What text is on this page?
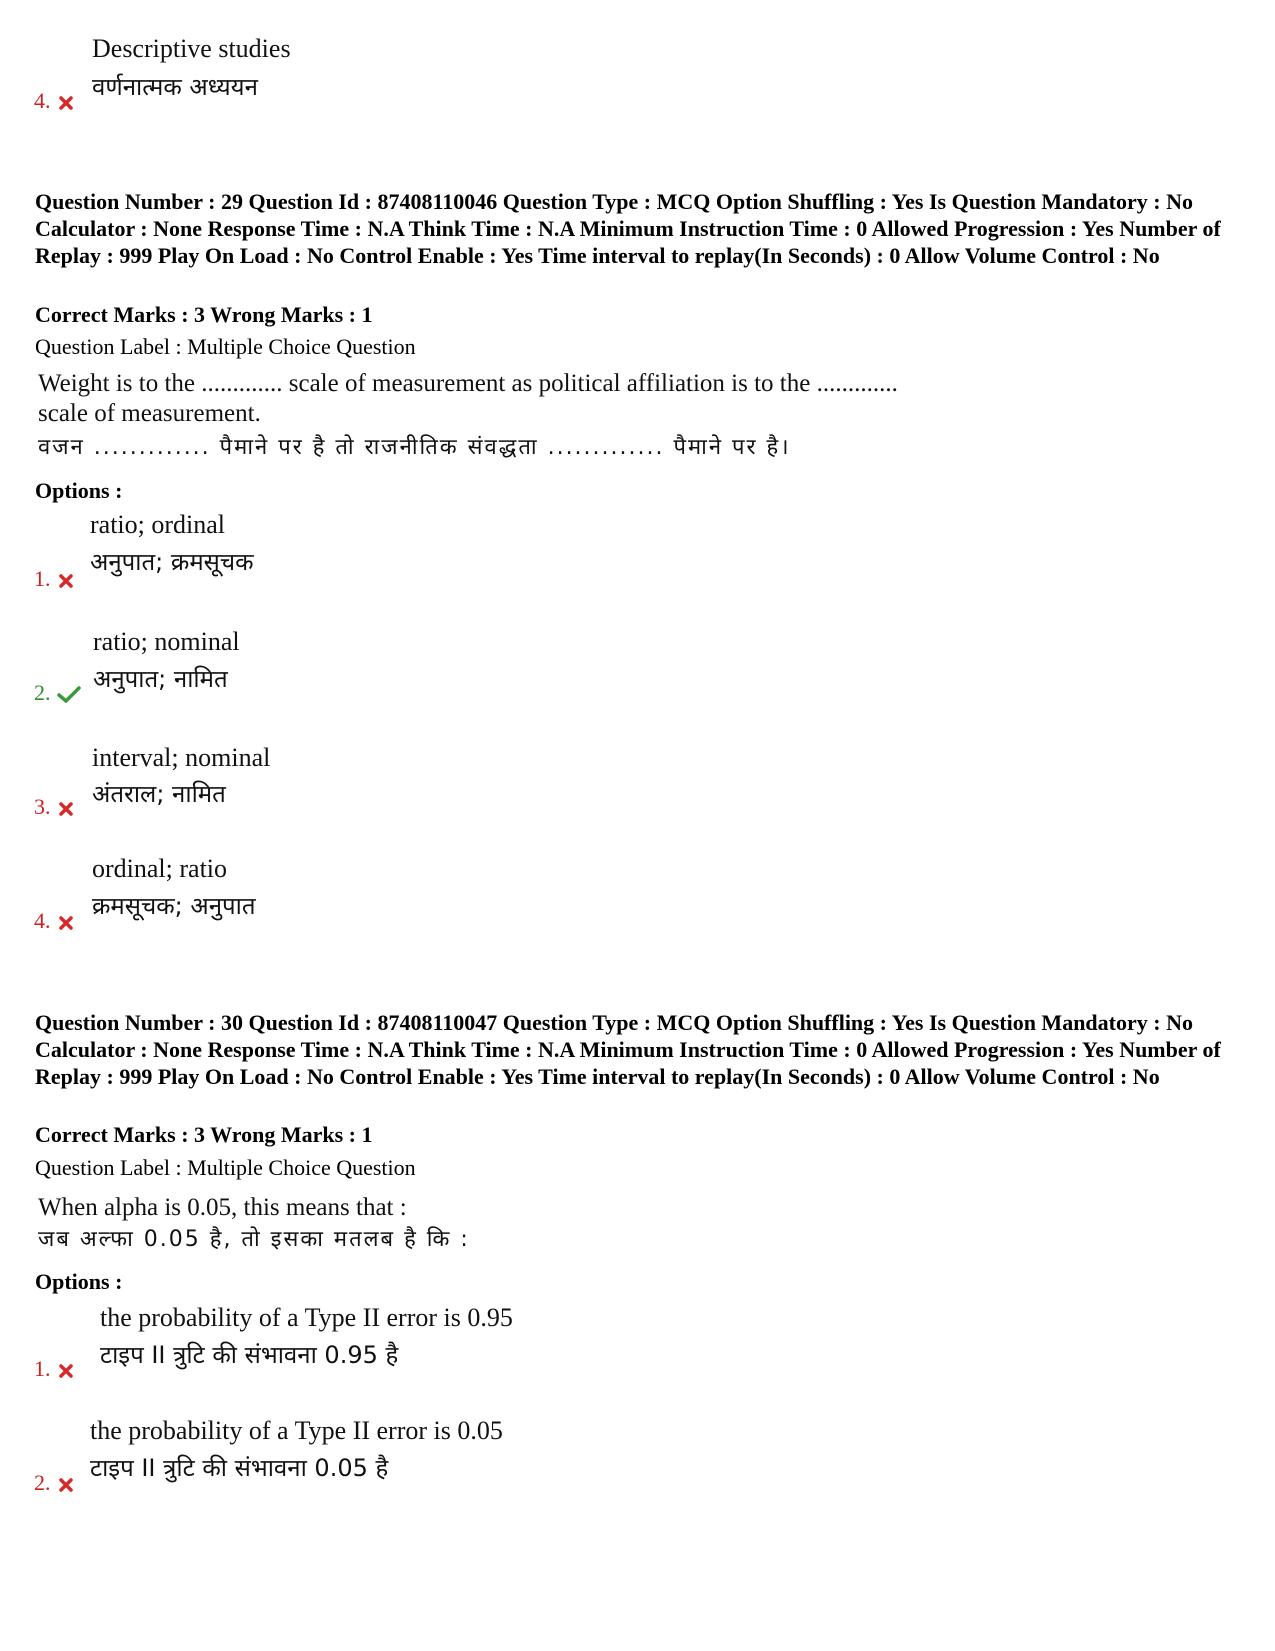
Descriptive studies
वर्णनात्मक अध्ययन
4.
Question Number : 29 Question Id : 87408110046 Question Type : MCQ Option Shuffling : Yes Is Question Mandatory : No Calculator : None Response Time : N.A Think Time : N.A Minimum Instruction Time : 0 Allowed Progression : Yes Number of Replay : 999 Play On Load : No Control Enable : Yes Time interval to replay(In Seconds) : 0 Allow Volume Control : No
Correct Marks : 3 Wrong Marks : 1
Question Label : Multiple Choice Question
Weight is to the ............. scale of measurement as political affiliation is to the .............
scale of measurement.
वजन ............. पैमाने पर है तो राजनीतिक संवद्धता ............. पैमाने पर है।
Options :
ratio; ordinal
अनुपात; क्रमसूचक
1.
ratio; nominal
अनुपात; नामित
2.
interval; nominal
अंतराल; नामित
3.
ordinal; ratio
क्रमसूचक; अनुपात
4.
Question Number : 30 Question Id : 87408110047 Question Type : MCQ Option Shuffling : Yes Is Question Mandatory : No Calculator : None Response Time : N.A Think Time : N.A Minimum Instruction Time : 0 Allowed Progression : Yes Number of Replay : 999 Play On Load : No Control Enable : Yes Time interval to replay(In Seconds) : 0 Allow Volume Control : No
Correct Marks : 3 Wrong Marks : 1
Question Label : Multiple Choice Question
When alpha is 0.05, this means that :
जब अल्फा 0.05 है, तो इसका मतलब है कि :
Options :
the probability of a Type II error is 0.95
टाइप II त्रुटि की संभावना 0.95 है
1.
the probability of a Type II error is 0.05
टाइप II त्रुटि की संभावना 0.05 है
2.
